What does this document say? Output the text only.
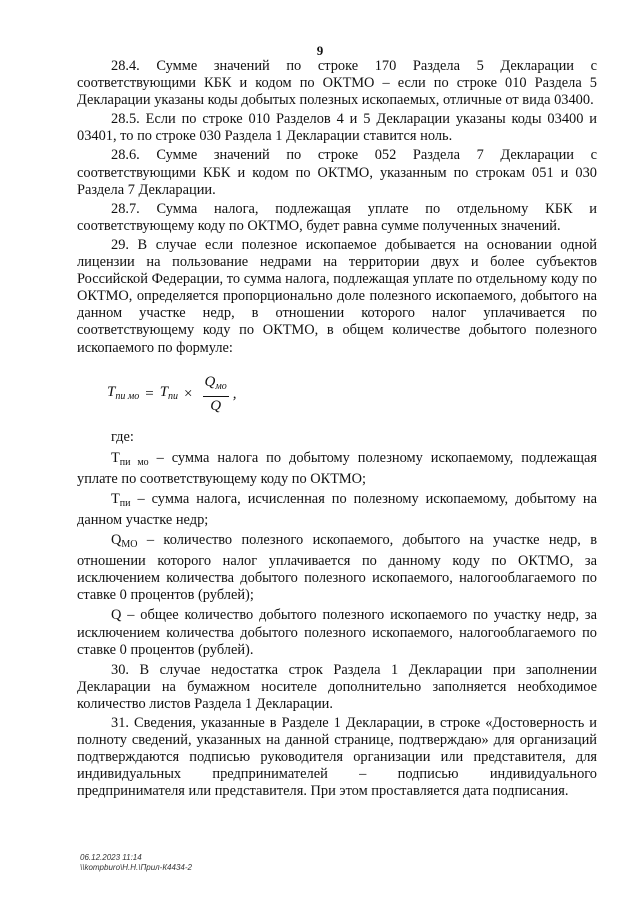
9

28.4. Сумме значений по строке 170 Раздела 5 Декларации с соответствующими КБК и кодом по ОКТМО – если по строке 010 Раздела 5 Декларации указаны коды добытых полезных ископаемых, отличные от вида 03400.

28.5. Если по строке 010 Разделов 4 и 5 Декларации указаны коды 03400 и 03401, то по строке 030 Раздела 1 Декларации ставится ноль.

28.6. Сумме значений по строке 052 Раздела 7 Декларации с соответствующими КБК и кодом по ОКТМО, указанным по строкам 051 и 030 Раздела 7 Декларации.

28.7. Сумма налога, подлежащая уплате по отдельному КБК и соответствующему коду по ОКТМО, будет равна сумме полученных значений.

29. В случае если полезное ископаемое добывается на основании одной лицензии на пользование недрами на территории двух и более субъектов Российской Федерации, то сумма налога, подлежащая уплате по отдельному коду по ОКТМО, определяется пропорционально доле полезного ископаемого, добытого на данном участке недр, в отношении которого налог уплачивается по соответствующему коду по ОКТМО, в общем количестве добытого полезного ископаемого по формуле:

$Т_{пи мо} = Т_{пи} \times \frac{Q_{мо}}{Q}$ ,

где:

$Т_{пи мо}$ – сумма налога по добытому полезному ископаемому, подлежащая уплате по соответствующему коду по ОКТМО;

$Т_{пи}$ – сумма налога, исчисленная по полезному ископаемому, добытому на данном участке недр;

$Q_{МО}$ – количество полезного ископаемого, добытого на участке недр, в отношении которого налог уплачивается по данному коду по ОКТМО, за исключением количества добытого полезного ископаемого, налогооблагаемого по ставке 0 процентов (рублей);

Q – общее количество добытого полезного ископаемого по участку недр, за исключением количества добытого полезного ископаемого, налогооблагаемого по ставке 0 процентов (рублей).

30. В случае недостатка строк Раздела 1 Декларации при заполнении Декларации на бумажном носителе дополнительно заполняется необходимое количество листов Раздела 1 Декларации.

31. Сведения, указанные в Разделе 1 Декларации, в строке «Достоверность и полноту сведений, указанных на данной странице, подтверждаю» для организаций подтверждаются подписью руководителя организации или представителя, для индивидуальных предпринимателей – подписью индивидуального предпринимателя или представителя. При этом проставляется дата подписания.

06.12.2023 11:14
\\kompburo\Н.Н.\Прил-К4434-2
